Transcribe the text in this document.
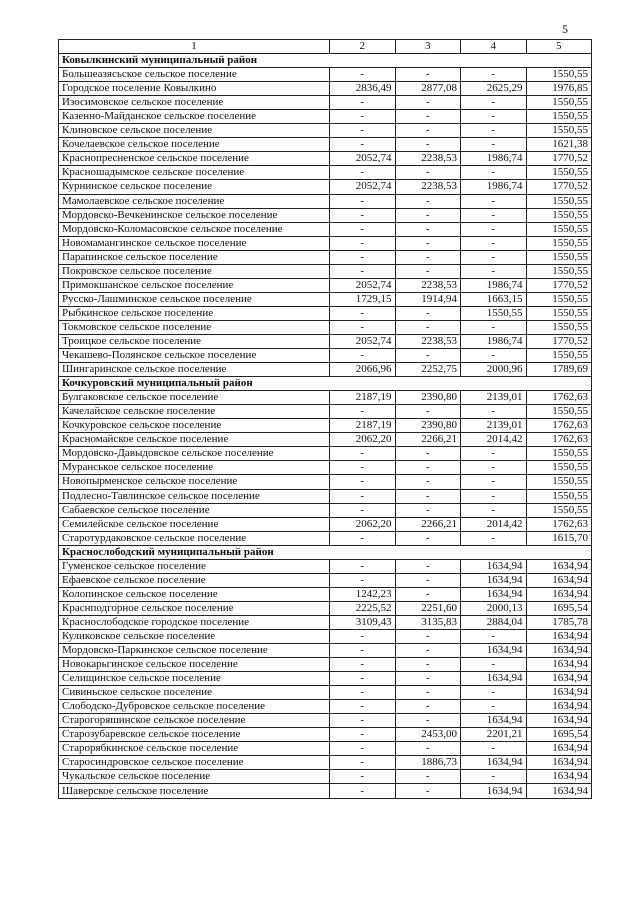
5
1	2	3	4	5
Ковылкинский муниципальный район				
Большеазясьское сельское поселение	-	-	-	1550,55
Городское поселение Ковылкино	2836,49	2877,08	2625,29	1976,85
Изосимовское сельское поселение	-	-	-	1550,55
Казенно-Майданское сельское поселение	-	-	-	1550,55
Клиновское сельское поселение	-	-	-	1550,55
Кочелаевское сельское поселение	-	-	-	1621,38
Краснопресненское сельское поселение	2052,74	2238,53	1986,74	1770,52
Красношадымское сельское поселение	-	-	-	1550,55
Курнинское сельское поселение	2052,74	2238,53	1986,74	1770,52
Мамолаевское сельское поселение	-	-	-	1550,55
Мордовско-Вечкенинское сельское поселение	-	-	-	1550,55
Мордовско-Коломасовское сельское поселение	-	-	-	1550,55
Новомамангинское сельское поселение	-	-	-	1550,55
Парапинское сельское поселение	-	-	-	1550,55
Покровское сельское поселение	-	-	-	1550,55
Примокшанское сельское поселение	2052,74	2238,53	1986,74	1770,52
Русско-Лашминское сельское поселение	1729,15	1914,94	1663,15	1550,55
Рыбкинское сельское поселение	-	-	1550,55	1550,55
Токмовское сельское поселение	-	-	-	1550,55
Троицкое сельское поселение	2052,74	2238,53	1986,74	1770,52
Чекашево-Полянское сельское поселение	-	-	-	1550,55
Шингаринское сельское поселение	2066,96	2252,75	2000,96	1789,69
Кочкуровский муниципальный район				
Булгаковское сельское поселение	2187,19	2390,80	2139,01	1762,63
Качелайское сельское поселение	-	-	-	1550,55
Кочкуровское сельское поселение	2187,19	2390,80	2139,01	1762,63
Красномайское сельское поселение	2062,20	2266,21	2014,42	1762,63
Мордовско-Давыдовское сельское поселение	-	-	-	1550,55
Муранськое сельское поселение	-	-	-	1550,55
Новопырменское сельское поселение	-	-	-	1550,55
Подлесно-Тавлинское сельское поселение	-	-	-	1550,55
Сабаевское сельское поселение	-	-	-	1550,55
Семилейское сельское поселение	2062,20	2266,21	2014,42	1762,63
Старотурдаковское сельское поселение	-	-	-	1615,70
Краснослободский муниципальный район				
Гуменское сельское поселение	-	-	1634,94	1634,94
Ефаевское сельское поселение	-	-	1634,94	1634,94
Колопинское сельское поселение	1242,23	-	1634,94	1634,94
Краснподгорное сельское поселение	2225,52	2251,60	2000,13	1695,54
Краснослободское городское поселение	3109,43	3135,83	2884,04	1785,78
Куликовское сельское поселение	-	-	-	1634,94
Мордовско-Паркинское сельское поселение	-	-	1634,94	1634,94
Новокарьгинское сельское поселение	-	-	-	1634,94
Селищинское сельское поселение	-	-	1634,94	1634,94
Сивиньское сельское поселение	-	-	-	1634,94
Слободско-Дубровское сельское поселение	-	-	-	1634,94
Старогоряшинское сельское поселение	-	-	1634,94	1634,94
Старозубаревское сельское поселение	-	2453,00	2201,21	1695,54
Старорябкинское сельское поселение	-	-	-	1634,94
Старосиндровское сельское поселение	-	1886,73	1634,94	1634,94
Чукальское сельское поселение	-	-	-	1634,94
Шаверское сельское поселение	-	-	1634,94	1634,94
